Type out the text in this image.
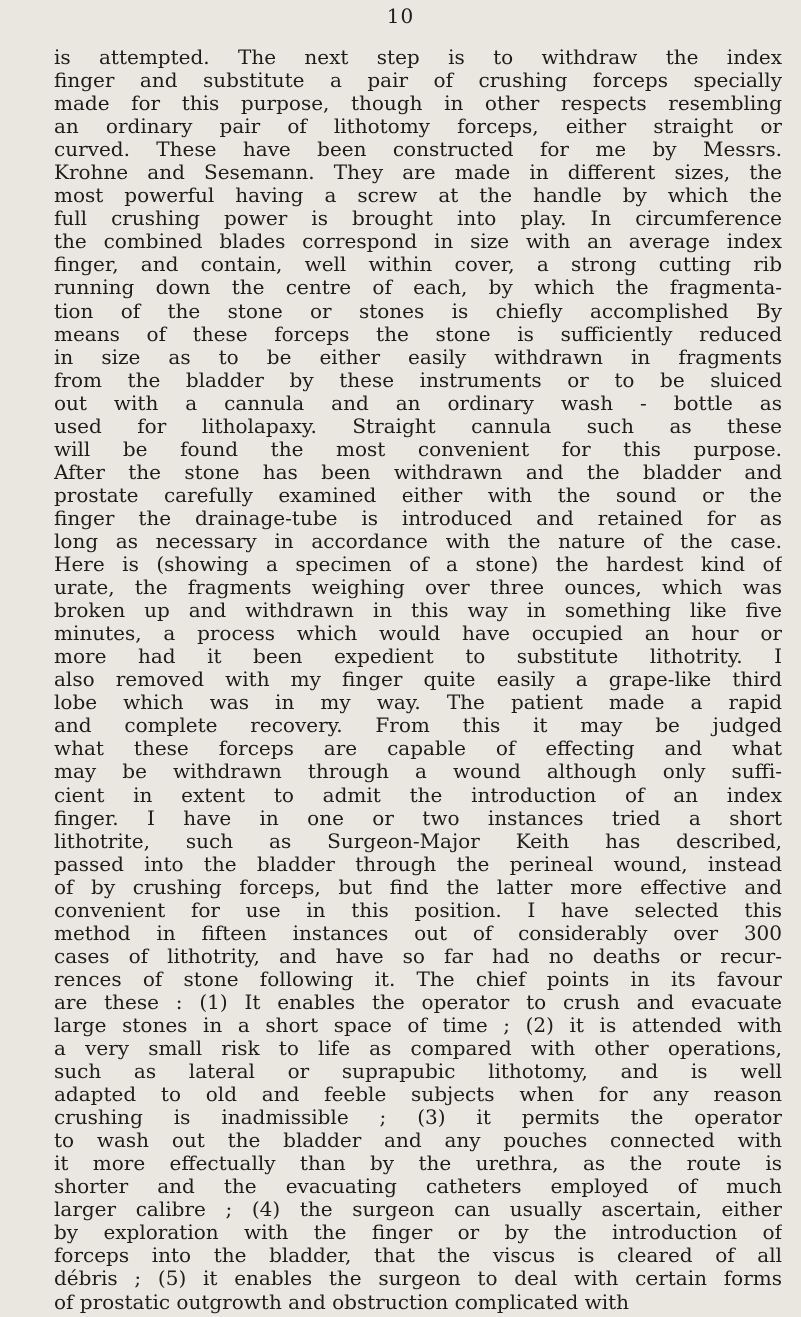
10
is attempted. The next step is to withdraw the index
finger and substitute a pair of crushing forceps specially
made for this purpose, though in other respects resembling
an ordinary pair of lithotomy forceps, either straight or
curved. These have been constructed for me by Messrs.
Krohne and Sesemann. They are made in different sizes, the
most powerful having a screw at the handle by which the
full crushing power is brought into play. In circumference
the combined blades correspond in size with an average index
finger, and contain, well within cover, a strong cutting rib
running down the centre of each, by which the fragmenta-
tion of the stone or stones is chiefly accomplished By
means of these forceps the stone is sufficiently reduced
in size as to be either easily withdrawn in fragments
from the bladder by these instruments or to be sluiced
out with a cannula and an ordinary wash - bottle as
used for litholapaxy. Straight cannula such as these
will be found the most convenient for this purpose.
After the stone has been withdrawn and the bladder and
prostate carefully examined either with the sound or the
finger the drainage-tube is introduced and retained for as
long as necessary in accordance with the nature of the case.
Here is (showing a specimen of a stone) the hardest kind of
urate, the fragments weighing over three ounces, which was
broken up and withdrawn in this way in something like five
minutes, a process which would have occupied an hour or
more had it been expedient to substitute lithotrity. I
also removed with my finger quite easily a grape-like third
lobe which was in my way. The patient made a rapid
and complete recovery. From this it may be judged
what these forceps are capable of effecting and what
may be withdrawn through a wound although only suffi-
cient in extent to admit the introduction of an index
finger. I have in one or two instances tried a short
lithotrite, such as Surgeon-Major Keith has described,
passed into the bladder through the perineal wound, instead
of by crushing forceps, but find the latter more effective and
convenient for use in this position. I have selected this
method in fifteen instances out of considerably over 300
cases of lithotrity, and have so far had no deaths or recur-
rences of stone following it. The chief points in its favour
are these : (1) It enables the operator to crush and evacuate
large stones in a short space of time ; (2) it is attended with
a very small risk to life as compared with other operations,
such as lateral or suprapubic lithotomy, and is well
adapted to old and feeble subjects when for any reason
crushing is inadmissible ; (3) it permits the operator
to wash out the bladder and any pouches connected with
it more effectually than by the urethra, as the route is
shorter and the evacuating catheters employed of much
larger calibre ; (4) the surgeon can usually ascertain, either
by exploration with the finger or by the introduction of
forceps into the bladder, that the viscus is cleared of all
débris ; (5) it enables the surgeon to deal with certain forms
of prostatic outgrowth and obstruction complicated with
